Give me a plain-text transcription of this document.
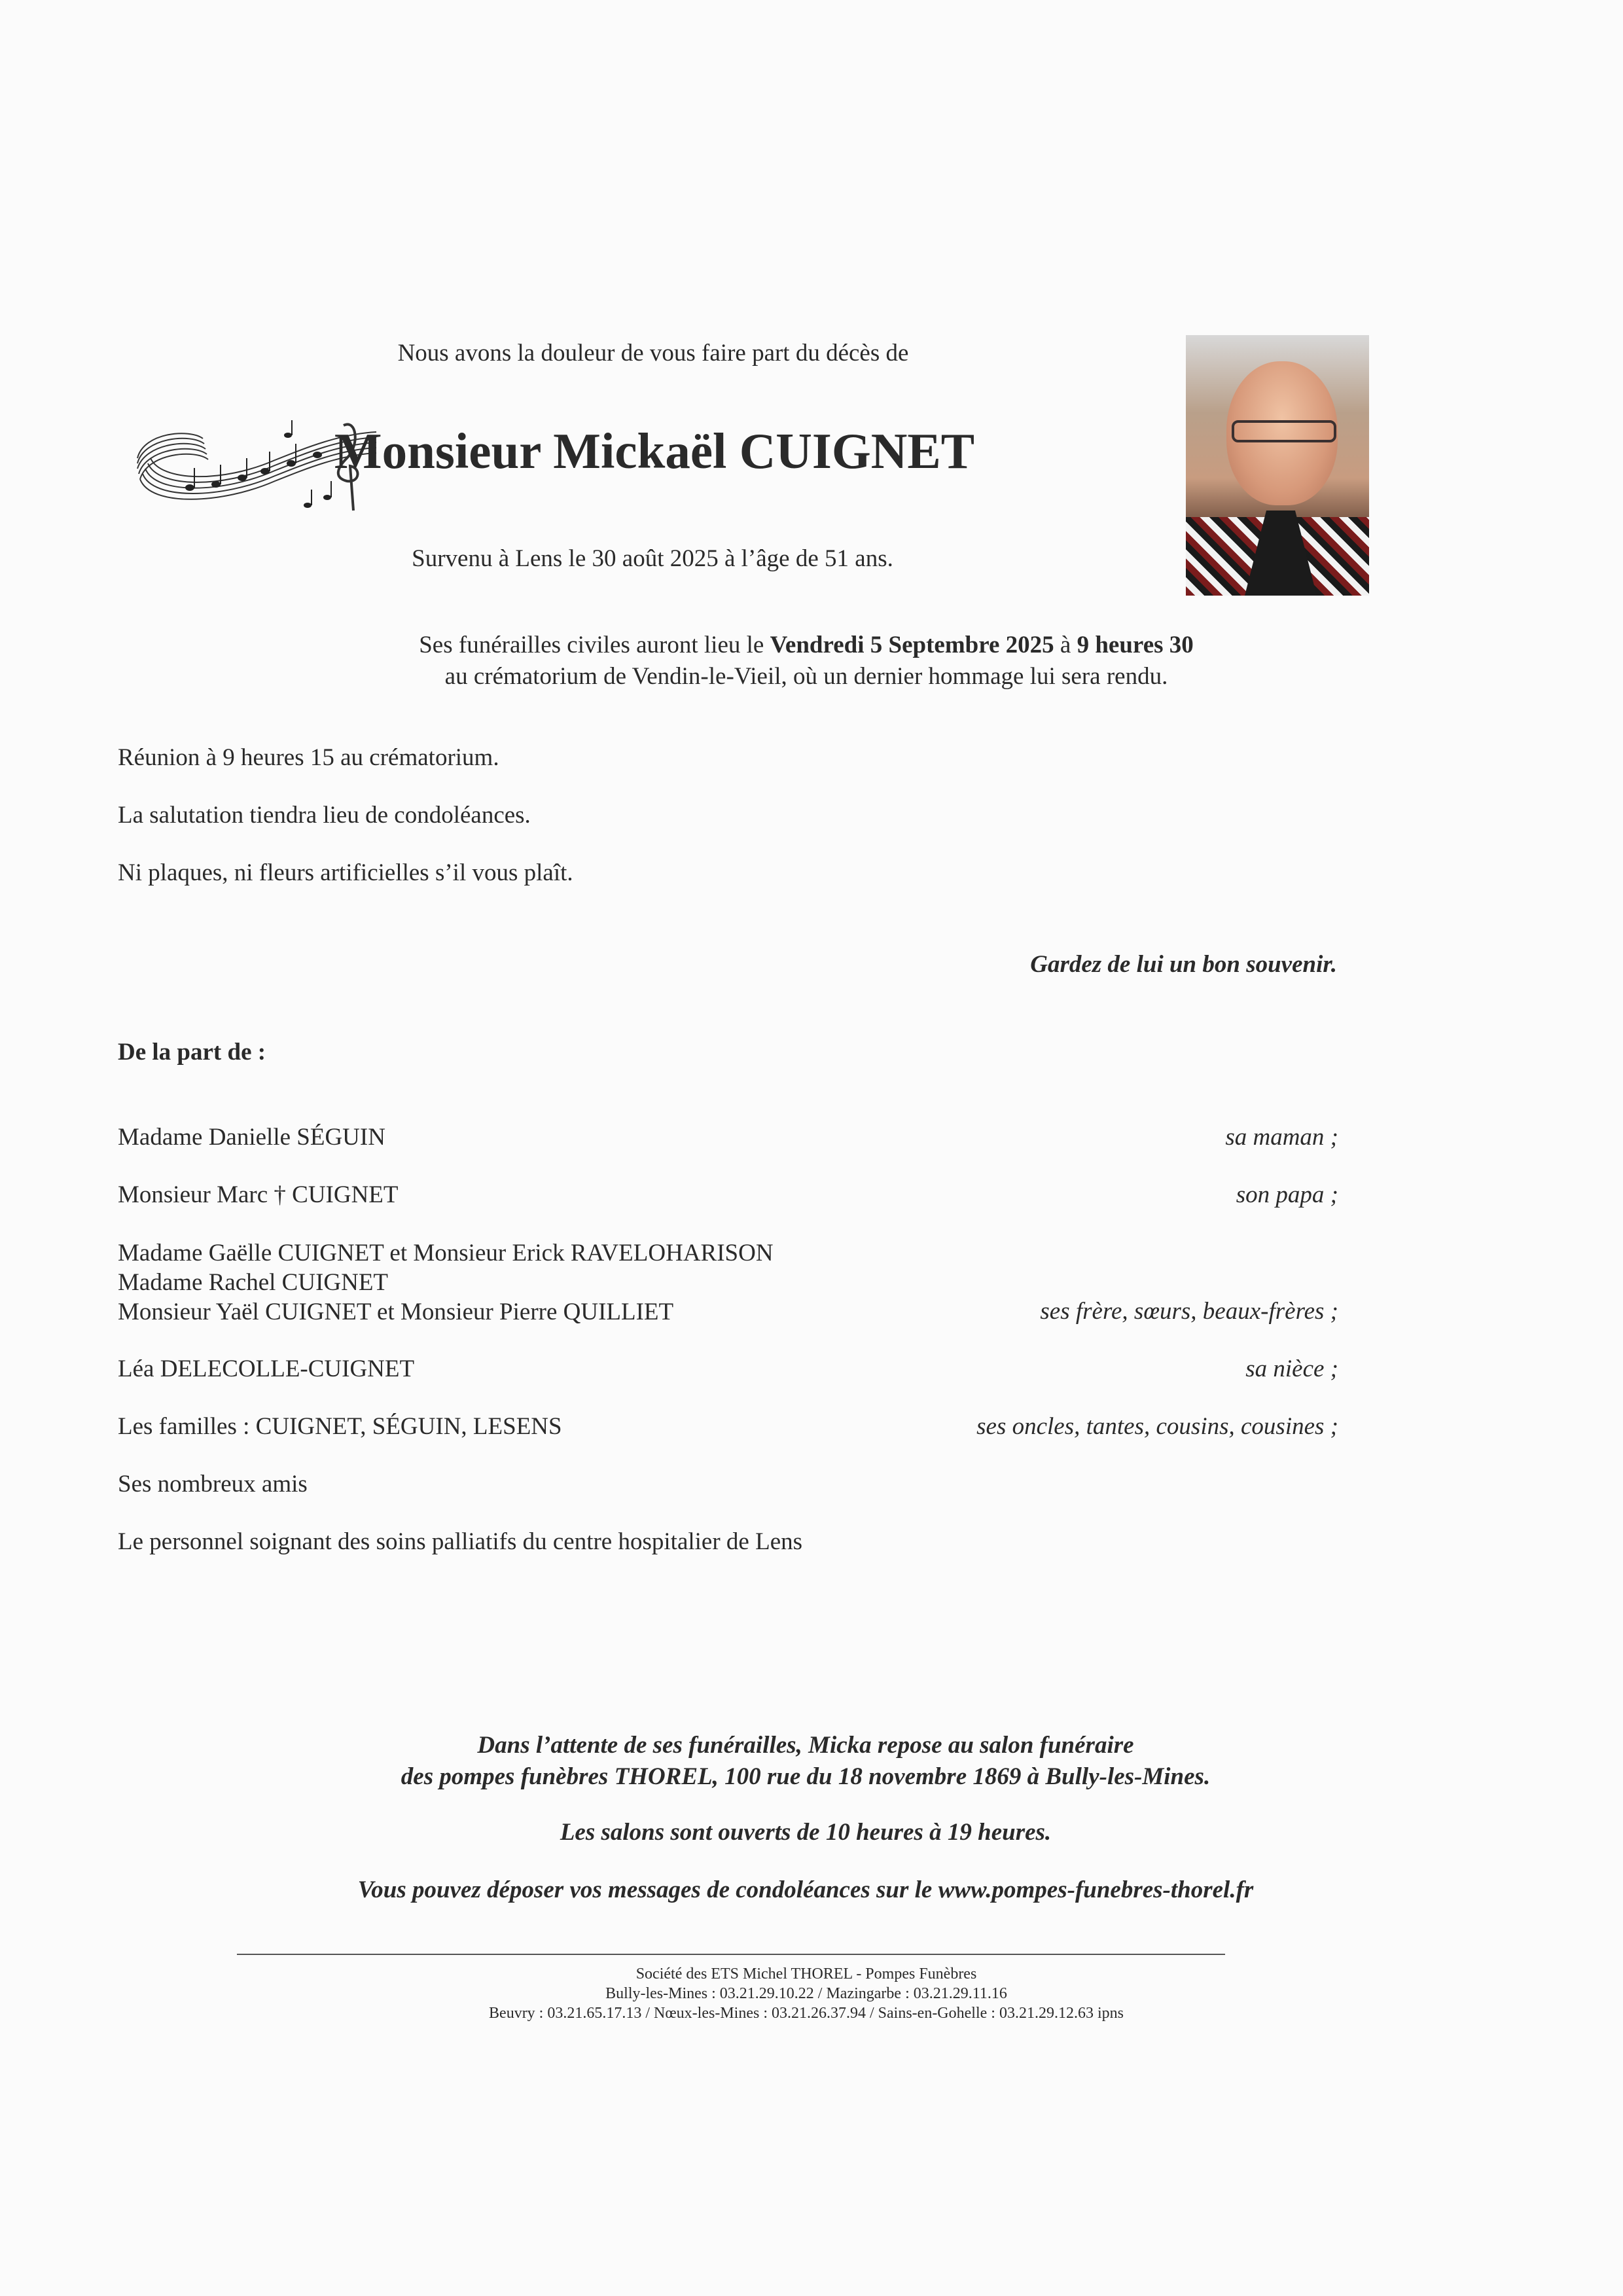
Nous avons la douleur de vous faire part du décès de
Monsieur Mickaël CUIGNET
Survenu à Lens le 30 août 2025 à l’âge de 51 ans.
Ses funérailles civiles auront lieu le Vendredi 5 Septembre 2025 à 9 heures 30
au crématorium de Vendin-le-Vieil, où un dernier hommage lui sera rendu.
Réunion à 9 heures 15 au crématorium.
La salutation tiendra lieu de condoléances.
Ni plaques, ni fleurs artificielles s’il vous plaît.
Gardez de lui un bon souvenir.
De la part de :
Madame Danielle SÉGUIN	sa maman ;
Monsieur Marc † CUIGNET	son papa ;
Madame Gaëlle CUIGNET et Monsieur Erick RAVELOHARISON
Madame Rachel CUIGNET
Monsieur Yaël CUIGNET et Monsieur Pierre QUILLIET	ses frère, sœurs, beaux-frères ;
Léa DELECOLLE-CUIGNET	sa nièce ;
Les familles : CUIGNET, SÉGUIN, LESENS	ses oncles, tantes, cousins, cousines ;
Ses nombreux amis
Le personnel soignant des soins palliatifs du centre hospitalier de Lens
Dans l’attente de ses funérailles, Micka repose au salon funéraire
des pompes funèbres THOREL, 100 rue du 18 novembre 1869 à Bully-les-Mines.
Les salons sont ouverts de 10 heures à 19 heures.
Vous pouvez déposer vos messages de condoléances sur le www.pompes-funebres-thorel.fr
Société des ETS Michel THOREL - Pompes Funèbres
Bully-les-Mines : 03.21.29.10.22 / Mazingarbe : 03.21.29.11.16
Beuvry : 03.21.65.17.13 / Nœux-les-Mines : 03.21.26.37.94 / Sains-en-Gohelle : 03.21.29.12.63 ipns
